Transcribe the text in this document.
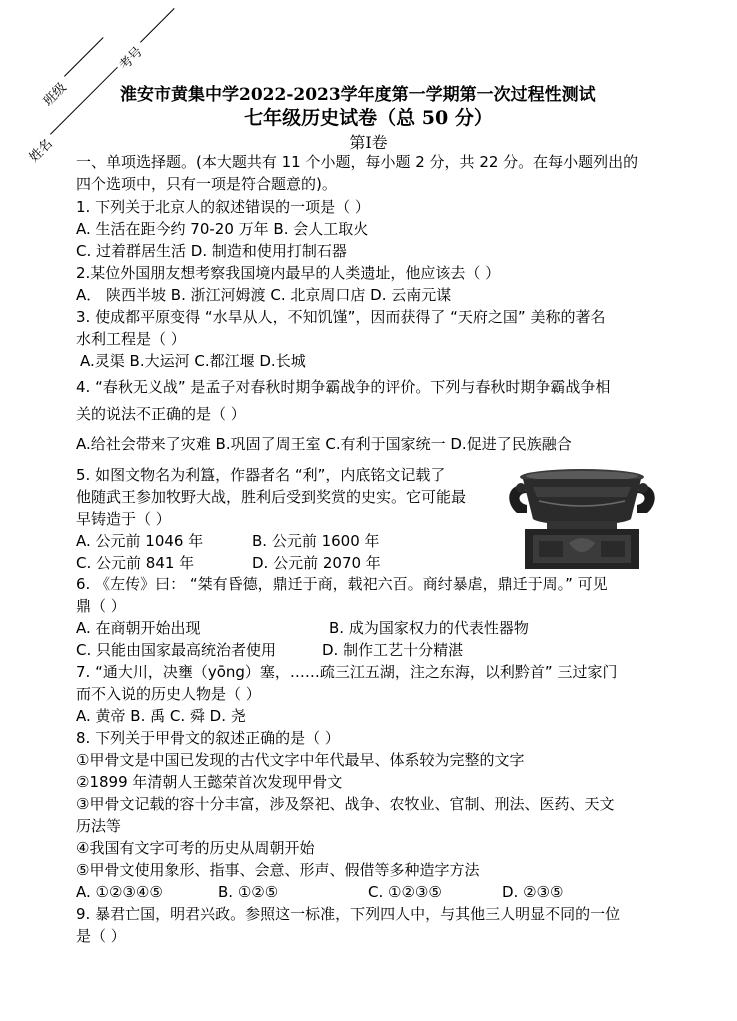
班级
考号
姓名
淮安市黄集中学2022-2023学年度第一学期第一次过程性测试
七年级历史试卷（总 50 分）
第Ⅰ卷
一、单项选择题。(本大题共有 11 个小题，每小题 2 分，共 22 分。在每小题列出的
四个选项中，只有一项是符合题意的)。
1. 下列关于北京人的叙述错误的一项是（ ）
A. 生活在距今约 70-20 万年 B. 会人工取火
C. 过着群居生活 D. 制造和使用打制石器
2.某位外国朋友想考察我国境内最早的人类遗址，他应该去（ ）
A． 陕西半坡 B. 浙江河姆渡 C. 北京周口店 D. 云南元谋
3. 使成都平原变得 “水旱从人，不知饥馑”，因而获得了 “天府之国” 美称的著名
水利工程是（ ）
A.灵渠 B.大运河 C.都江堰 D.长城
4. “春秋无义战” 是孟子对春秋时期争霸战争的评价。下列与春秋时期争霸战争相
关的说法不正确的是（ ）
A.给社会带来了灾难 B.巩固了周王室 C.有利于国家统一 D.促进了民族融合
5. 如图文物名为利簋，作器者名 “利”，内底铭文记载了
他随武王参加牧野大战，胜利后受到奖赏的史实。它可能最
早铸造于（ ）
A. 公元前 1046 年	B. 公元前 1600 年
C. 公元前 841 年	D. 公元前 2070 年
6. 《左传》曰： “桀有昏德，鼎迁于商，载祀六百。商纣暴虐，鼎迁于周。” 可见
鼎（ ）
A. 在商朝开始出现	B. 成为国家权力的代表性器物
C. 只能由国家最高统治者使用	D. 制作工艺十分精湛
7. “通大川，决壅（yōng）塞，……疏三江五湖，注之东海，以利黔首” 三过家门
而不入说的历史人物是（ ）
A. 黄帝 B. 禹 C. 舜 D. 尧
8. 下列关于甲骨文的叙述正确的是（ ）
①甲骨文是中国已发现的古代文字中年代最早、体系较为完整的文字
②1899 年清朝人王懿荣首次发现甲骨文
③甲骨文记载的容十分丰富，涉及祭祀、战争、农牧业、官制、刑法、医药、天文
历法等
④我国有文字可考的历史从周朝开始
⑤甲骨文使用象形、指事、会意、形声、假借等多种造字方法
A. ①②③④⑤	B. ①②⑤	C. ①②③⑤	D. ②③⑤
9. 暴君亡国，明君兴政。参照这一标准，下列四人中，与其他三人明显不同的一位
是（ ）
